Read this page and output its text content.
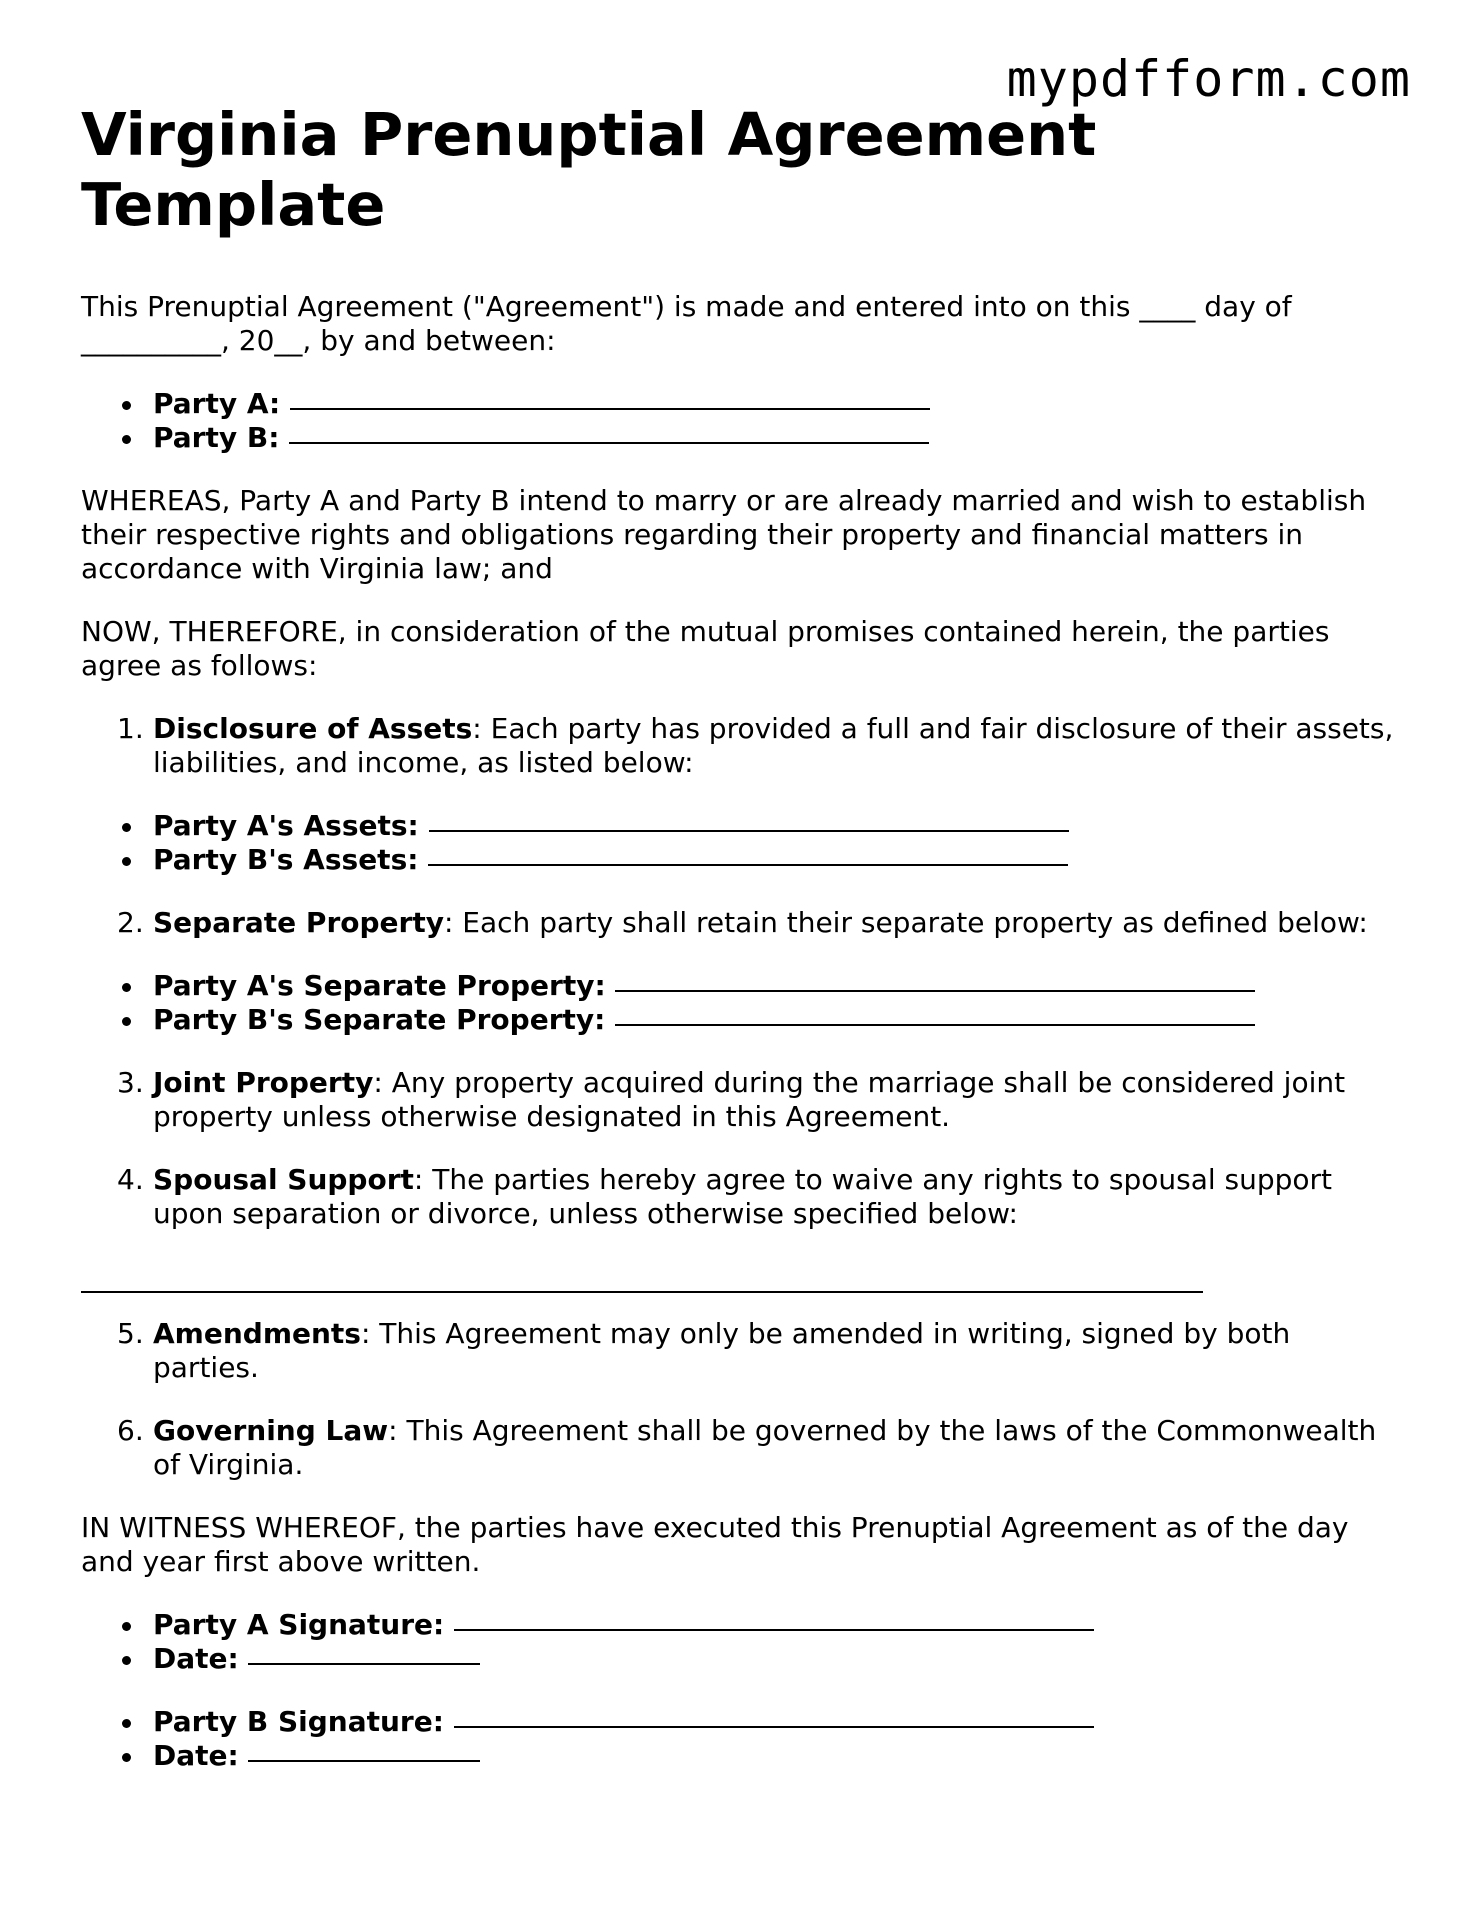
mypdfform.com
Virginia Prenuptial Agreement Template

This Prenuptial Agreement ("Agreement") is made and entered into on this ____ day of __________, 20__, by and between:

Party A:
Party B:

WHEREAS, Party A and Party B intend to marry or are already married and wish to establish their respective rights and obligations regarding their property and financial matters in accordance with Virginia law; and

NOW, THEREFORE, in consideration of the mutual promises contained herein, the parties agree as follows:

1. Disclosure of Assets: Each party has provided a full and fair disclosure of their assets, liabilities, and income, as listed below:
Party A's Assets:
Party B's Assets:
2. Separate Property: Each party shall retain their separate property as defined below:
Party A's Separate Property:
Party B's Separate Property:
3. Joint Property: Any property acquired during the marriage shall be considered joint property unless otherwise designated in this Agreement.
4. Spousal Support: The parties hereby agree to waive any rights to spousal support upon separation or divorce, unless otherwise specified below:
5. Amendments: This Agreement may only be amended in writing, signed by both parties.
6. Governing Law: This Agreement shall be governed by the laws of the Commonwealth of Virginia.

IN WITNESS WHEREOF, the parties have executed this Prenuptial Agreement as of the day and year first above written.

Party A Signature:
Date:
Party B Signature:
Date:
